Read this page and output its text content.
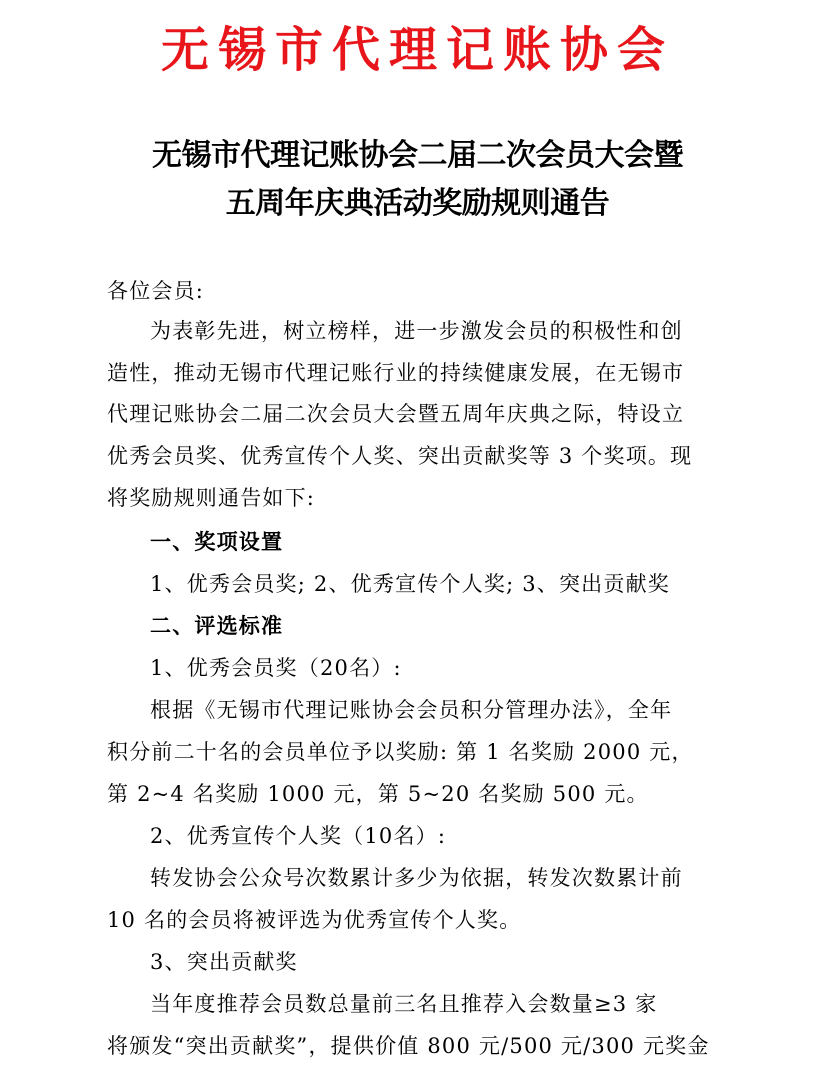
无锡市代理记账协会
无锡市代理记账协会二届二次会员大会暨
五周年庆典活动奖励规则通告
各位会员:
为表彰先进，树立榜样，进一步激发会员的积极性和创
造性，推动无锡市代理记账行业的持续健康发展，在无锡市
代理记账协会二届二次会员大会暨五周年庆典之际，特设立
优秀会员奖、优秀宣传个人奖、突出贡献奖等 3 个奖项。现
将奖励规则通告如下:
一、奖项设置
1、优秀会员奖; 2、优秀宣传个人奖; 3、突出贡献奖
二、评选标准
1、优秀会员奖（20名）:
根据《无锡市代理记账协会会员积分管理办法》，全年
积分前二十名的会员单位予以奖励: 第 1 名奖励 2000 元，
第 2~4 名奖励 1000 元，第 5~20 名奖励 500 元。
2、优秀宣传个人奖（10名）:
转发协会公众号次数累计多少为依据，转发次数累计前
10 名的会员将被评选为优秀宣传个人奖。
3、突出贡献奖
当年度推荐会员数总量前三名且推荐入会数量≥3 家
将颁发“突出贡献奖”，提供价值 800 元/500 元/300 元奖金
